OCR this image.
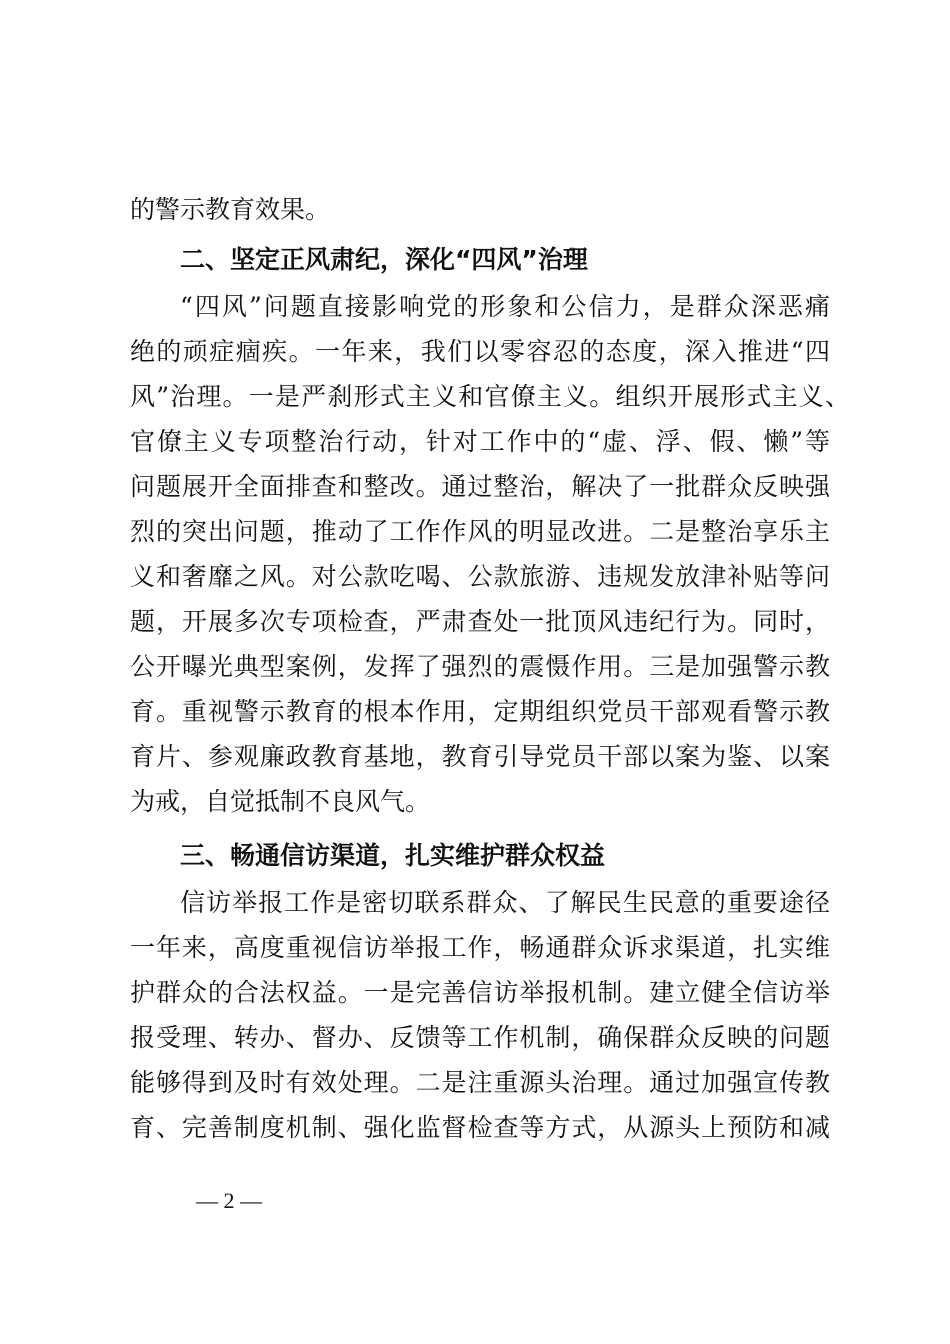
的警示教育效果。
二、坚定正风肃纪，深化“四风”治理
“四风”问题直接影响党的形象和公信力，是群众深恶痛
绝的顽症痼疾。一年来，我们以零容忍的态度，深入推进“四
风”治理。一是严刹形式主义和官僚主义。组织开展形式主义、
官僚主义专项整治行动，针对工作中的“虚、浮、假、懒”等
问题展开全面排查和整改。通过整治，解决了一批群众反映强
烈的突出问题，推动了工作作风的明显改进。二是整治享乐主
义和奢靡之风。对公款吃喝、公款旅游、违规发放津补贴等问
题，开展多次专项检查，严肃查处一批顶风违纪行为。同时，
公开曝光典型案例，发挥了强烈的震慑作用。三是加强警示教
育。重视警示教育的根本作用，定期组织党员干部观看警示教
育片、参观廉政教育基地，教育引导党员干部以案为鉴、以案
为戒，自觉抵制不良风气。
三、畅通信访渠道，扎实维护群众权益
信访举报工作是密切联系群众、了解民生民意的重要途径
一年来，高度重视信访举报工作，畅通群众诉求渠道，扎实维
护群众的合法权益。一是完善信访举报机制。建立健全信访举
报受理、转办、督办、反馈等工作机制，确保群众反映的问题
能够得到及时有效处理。二是注重源头治理。通过加强宣传教
育、完善制度机制、强化监督检查等方式，从源头上预防和减
— 2 —
